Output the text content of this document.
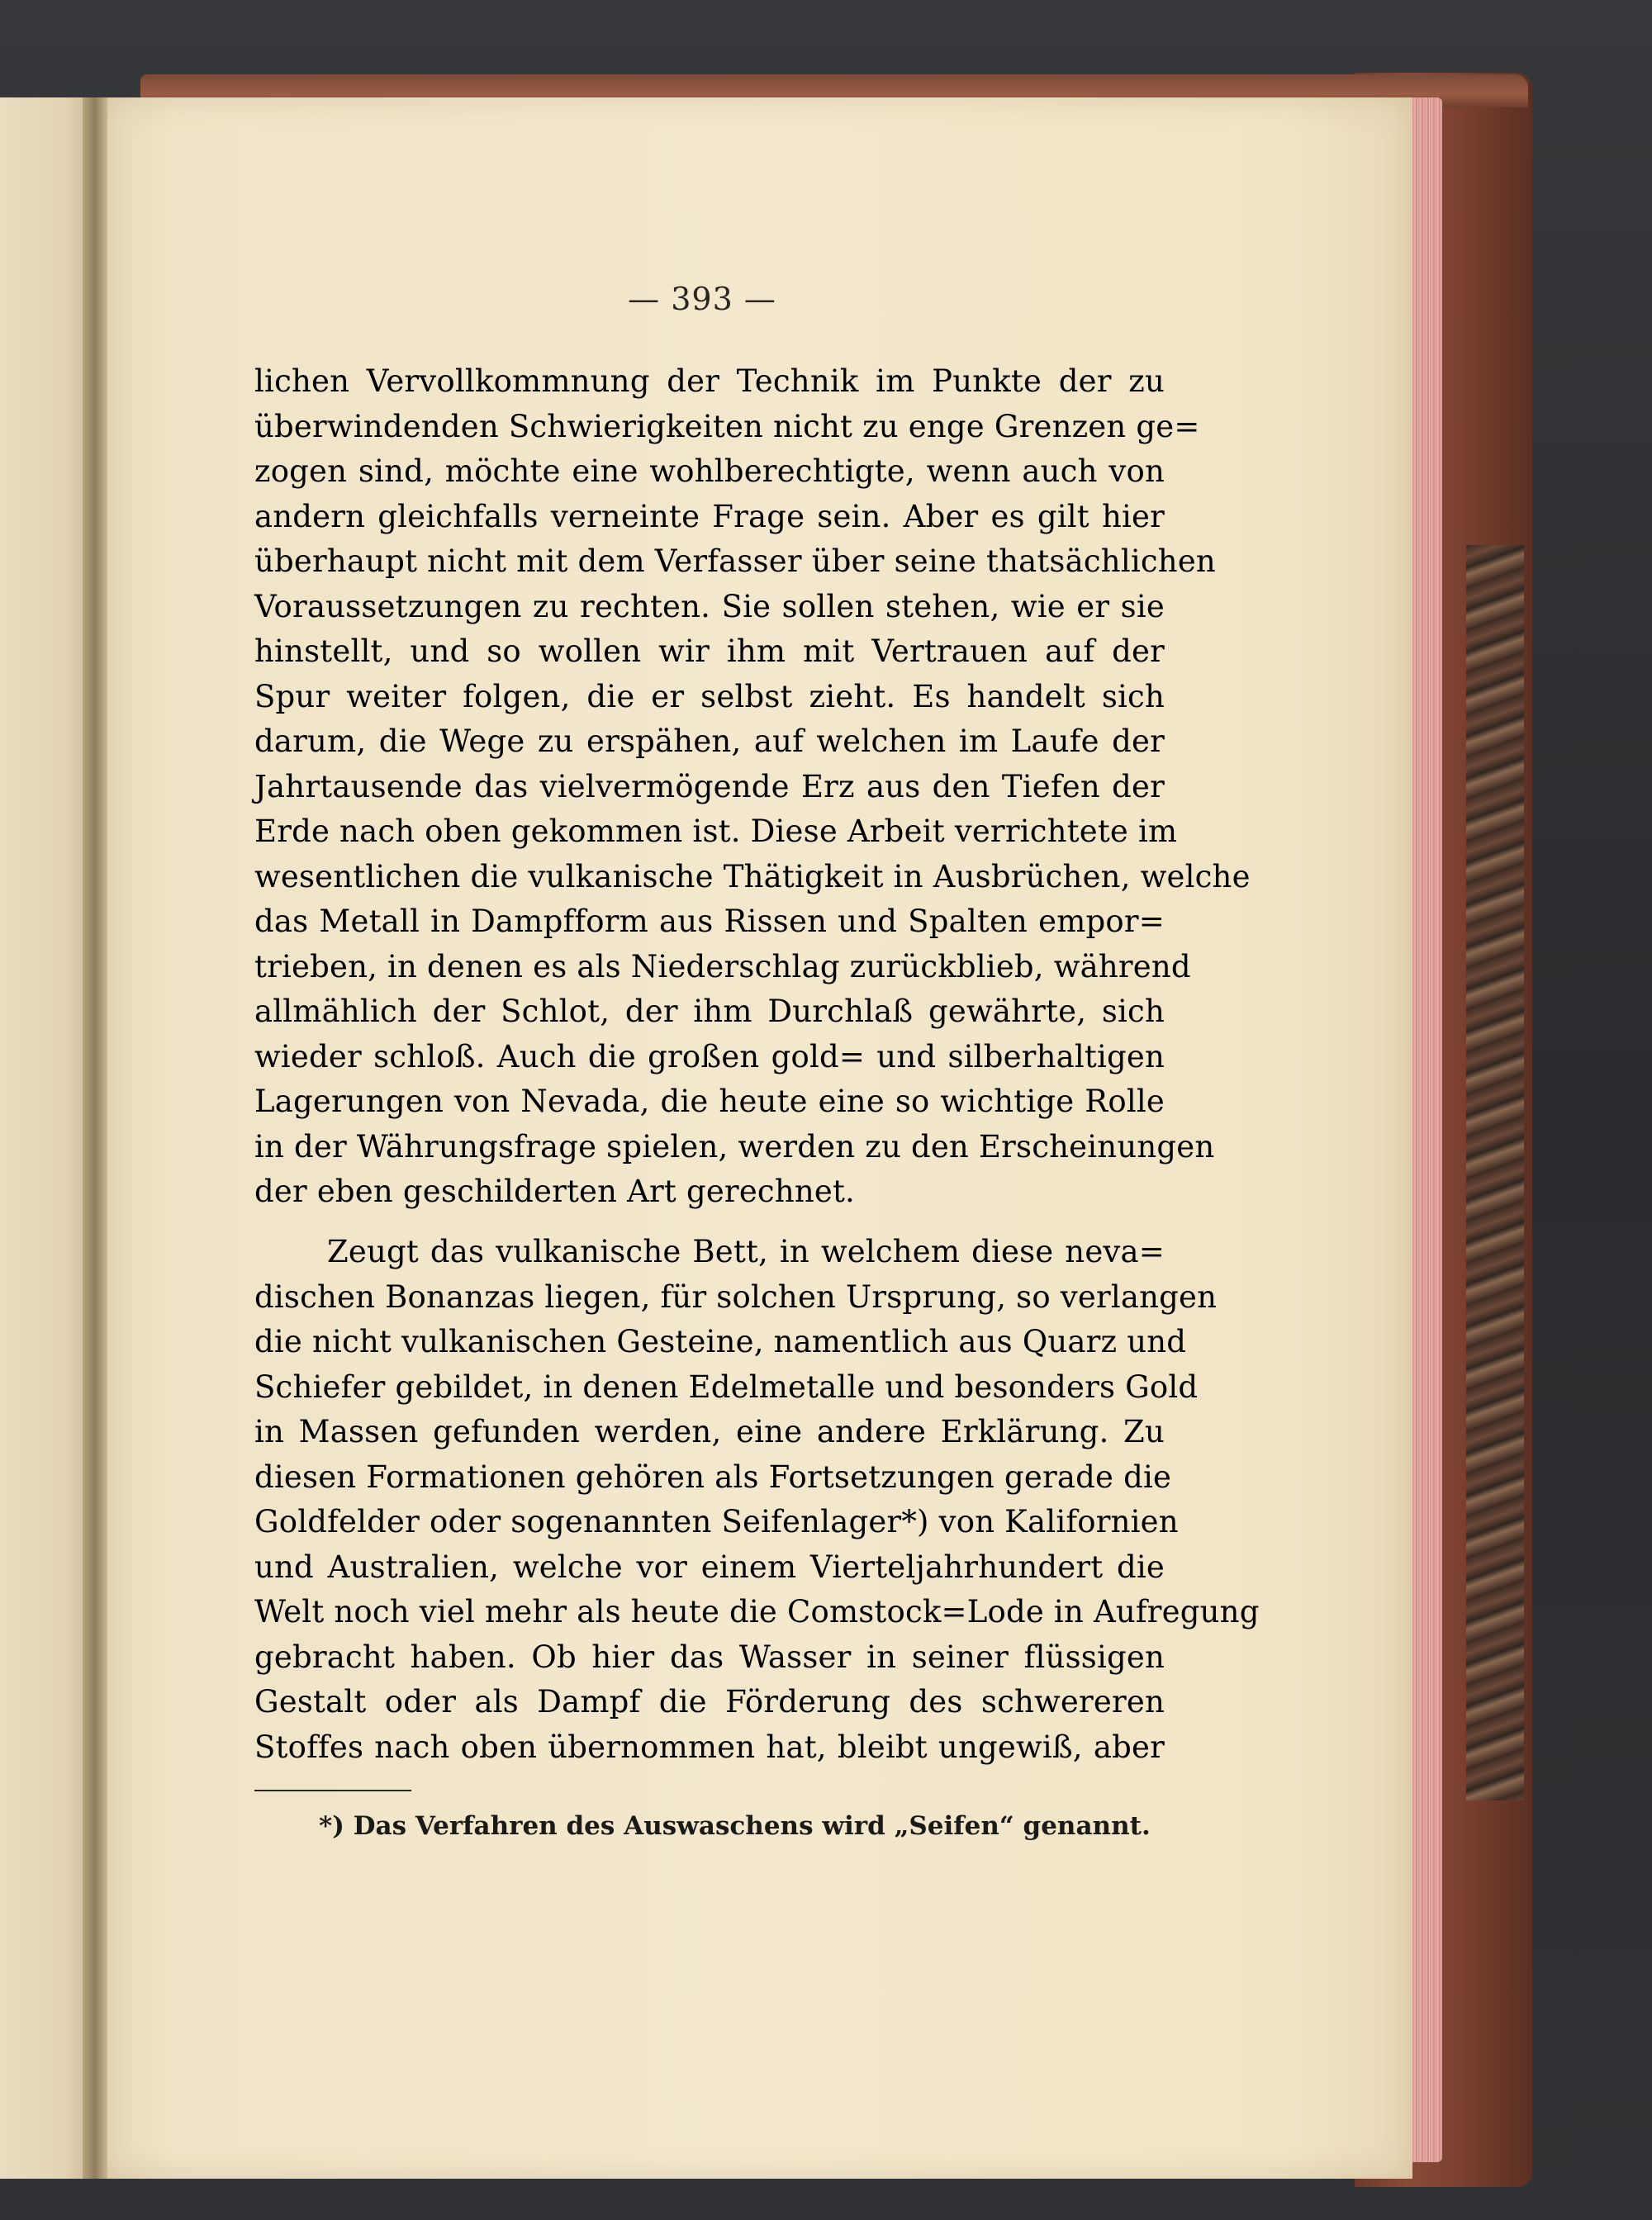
— 393 —
lichen Vervollkommnung der Technik im Punkte der zu
überwindenden Schwierigkeiten nicht zu enge Grenzen ge=
zogen sind, möchte eine wohlberechtigte, wenn auch von
andern gleichfalls verneinte Frage sein. Aber es gilt hier
überhaupt nicht mit dem Verfasser über seine thatsächlichen
Voraussetzungen zu rechten. Sie sollen stehen, wie er sie
hinstellt, und so wollen wir ihm mit Vertrauen auf der
Spur weiter folgen, die er selbst zieht. Es handelt sich
darum, die Wege zu erspähen, auf welchen im Laufe der
Jahrtausende das vielvermögende Erz aus den Tiefen der
Erde nach oben gekommen ist. Diese Arbeit verrichtete im
wesentlichen die vulkanische Thätigkeit in Ausbrüchen, welche
das Metall in Dampfform aus Rissen und Spalten empor=
trieben, in denen es als Niederschlag zurückblieb, während
allmählich der Schlot, der ihm Durchlaß gewährte, sich
wieder schloß. Auch die großen gold= und silberhaltigen
Lagerungen von Nevada, die heute eine so wichtige Rolle
in der Währungsfrage spielen, werden zu den Erscheinungen
der eben geschilderten Art gerechnet.
Zeugt das vulkanische Bett, in welchem diese neva=
dischen Bonanzas liegen, für solchen Ursprung, so verlangen
die nicht vulkanischen Gesteine, namentlich aus Quarz und
Schiefer gebildet, in denen Edelmetalle und besonders Gold
in Massen gefunden werden, eine andere Erklärung. Zu
diesen Formationen gehören als Fortsetzungen gerade die
Goldfelder oder sogenannten Seifenlager*) von Kalifornien
und Australien, welche vor einem Vierteljahrhundert die
Welt noch viel mehr als heute die Comstock=Lode in Aufregung
gebracht haben. Ob hier das Wasser in seiner flüssigen
Gestalt oder als Dampf die Förderung des schwereren
Stoffes nach oben übernommen hat, bleibt ungewiß, aber
*) Das Verfahren des Auswaschens wird „Seifen“ genannt.
